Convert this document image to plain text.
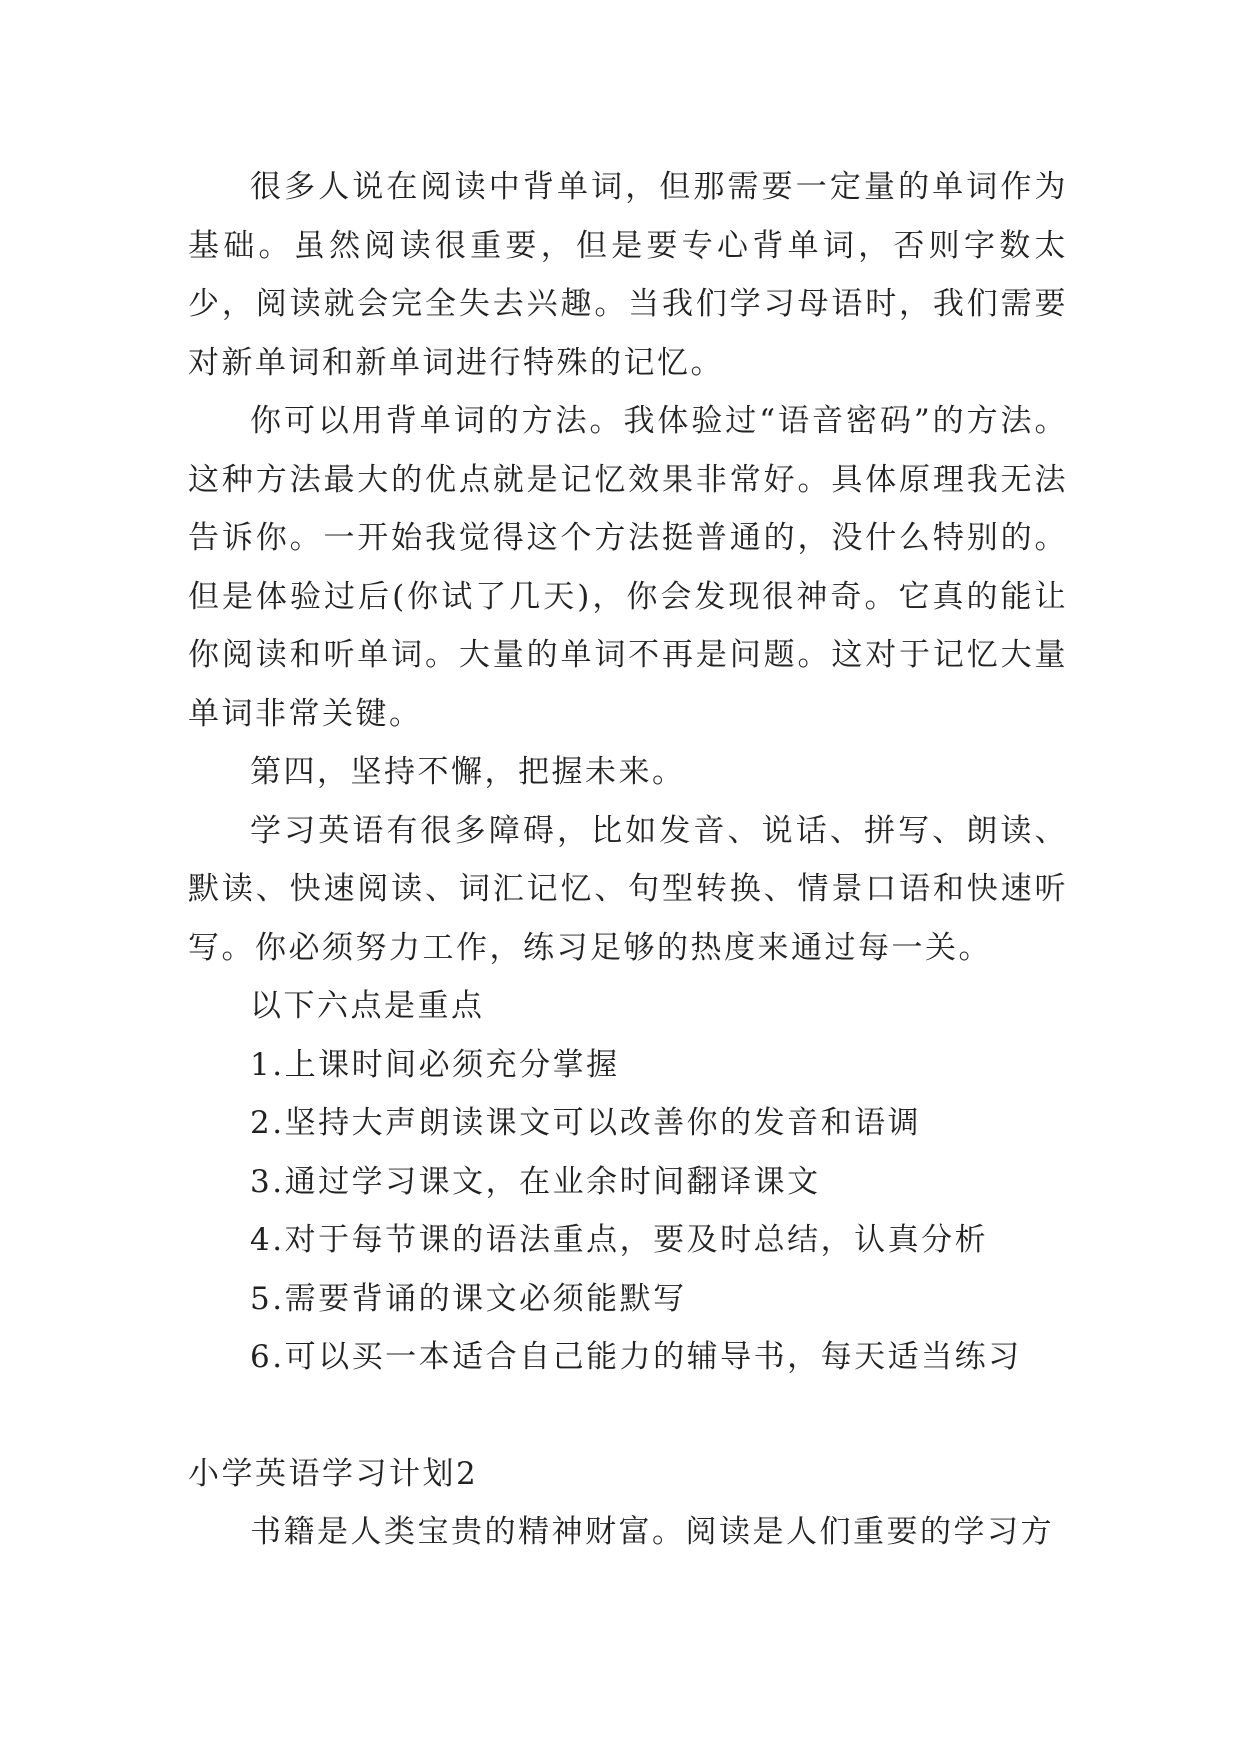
很多人说在阅读中背单词，但那需要一定量的单词作为基础。虽然阅读很重要，但是要专心背单词，否则字数太少，阅读就会完全失去兴趣。当我们学习母语时，我们需要对新单词和新单词进行特殊的记忆。

你可以用背单词的方法。我体验过“语音密码”的方法。这种方法最大的优点就是记忆效果非常好。具体原理我无法告诉你。一开始我觉得这个方法挺普通的，没什么特别的。但是体验过后(你试了几天)，你会发现很神奇。它真的能让你阅读和听单词。大量的单词不再是问题。这对于记忆大量单词非常关键。

第四，坚持不懈，把握未来。

学习英语有很多障碍，比如发音、说话、拼写、朗读、默读、快速阅读、词汇记忆、句型转换、情景口语和快速听写。你必须努力工作，练习足够的热度来通过每一关。

以下六点是重点

1.上课时间必须充分掌握

2.坚持大声朗读课文可以改善你的发音和语调

3.通过学习课文，在业余时间翻译课文

4.对于每节课的语法重点，要及时总结，认真分析

5.需要背诵的课文必须能默写

6.可以买一本适合自己能力的辅导书，每天适当练习

小学英语学习计划2

书籍是人类宝贵的精神财富。阅读是人们重要的学习方
